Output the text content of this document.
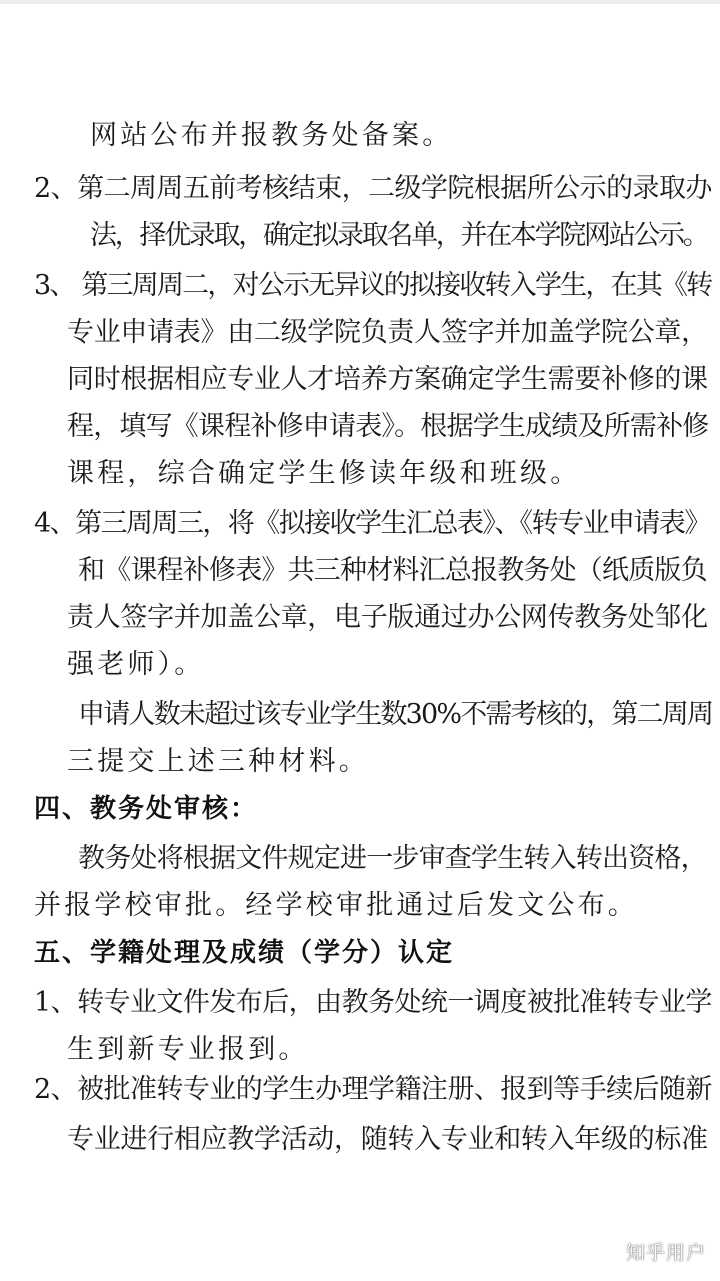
网站公布并报教务处备案。
2、第二周周五前考核结束，二级学院根据所公示的录取办
法，择优录取，确定拟录取名单，并在本学院网站公示。
3、 第三周周二，对公示无异议的拟接收转入学生，在其《转
专业申请表》由二级学院负责人签字并加盖学院公章，
同时根据相应专业人才培养方案确定学生需要补修的课
程，填写《课程补修申请表》。根据学生成绩及所需补修
课程，综合确定学生修读年级和班级。
4、第三周周三，将《拟接收学生汇总表》、《转专业申请表》
和《课程补修表》共三种材料汇总报教务处（纸质版负
责人签字并加盖公章，电子版通过办公网传教务处邹化
强老师）。
申请人数未超过该专业学生数30%不需考核的，第二周周
三提交上述三种材料。
四、教务处审核：
教务处将根据文件规定进一步审查学生转入转出资格，
并报学校审批。经学校审批通过后发文公布。
五、学籍处理及成绩（学分）认定
1、转专业文件发布后，由教务处统一调度被批准转专业学
生到新专业报到。
2、被批准转专业的学生办理学籍注册、报到等手续后随新
专业进行相应教学活动，随转入专业和转入年级的标准
知乎用户
